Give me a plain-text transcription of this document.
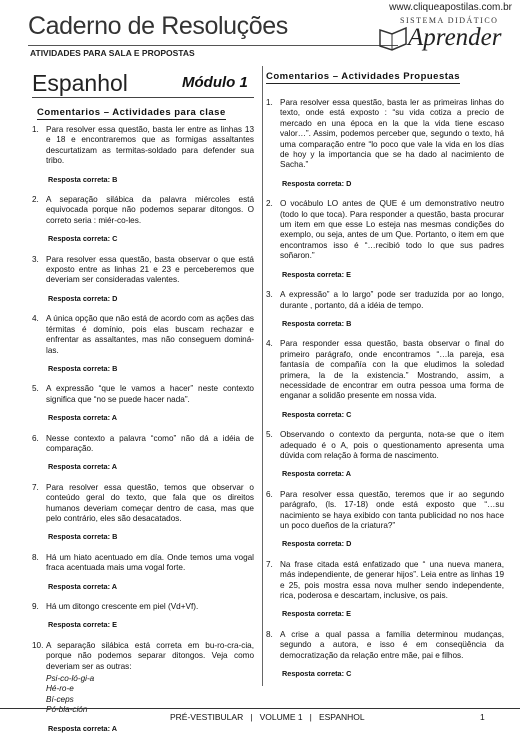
www.cliqueapostilas.com.br
Caderno de Resoluções
ATIVIDADES PARA SALA E PROPOSTAS
SISTEMA DIDÁTICO
Aprender
Espanhol	Módulo 1
Comentarios – Actividades para clase
Comentarios – Actividades Propuestas
1. Para resolver essa questão, basta ler entre as linhas 13 e 18 e encontraremos que as formigas assaltantes descurtatizam as termitas-soldado para defender sua tribo.
Resposta correta: B
2. A separação silábica da palavra miércoles está equivocada porque não podemos separar ditongos. O correto seria : miér-co-les.
Resposta correta: C
3. Para resolver essa questão, basta observar o que está exposto entre as linhas 21 e 23 e perceberemos que deveriam ser consideradas valentes.
Resposta correta: D
4. A única opção que não está de acordo com as ações das térmitas é domínio, pois elas buscam rechazar e enfrentar as assaltantes, mas não conseguem dominá-las.
Resposta correta: B
5. A expressão “que le vamos a hacer” neste contexto significa que “no se puede hacer nada”.
Resposta correta: A
6. Nesse contexto a palavra “como” não dá a idéia de comparação.
Resposta correta: A
7. Para resolver essa questão, temos que observar o conteúdo geral do texto, que fala que os direitos humanos deveriam começar dentro de casa, mas que pelo contrário, eles são desacatados.
Resposta correta: B
8. Há um hiato acentuado em día. Onde temos uma vogal fraca acentuada mais uma vogal forte.
Resposta correta: A
9. Há um ditongo crescente em piel (Vd+Vf).
Resposta correta: E
10. A separação silábica está correta em bu-ro-cra-cia, porque não podemos separar ditongos. Veja como deveriam ser as outras:
Psi-co-ló-gi-a
Hé-ro-e
Bí-ceps
Pó-bla-ción
Resposta correta: A
1. Para resolver essa questão, basta ler as primeiras linhas do texto, onde está exposto : “su vida cotiza a precio de mercado en una época en la que la vida tiene escaso valor…”. Assim, podemos perceber que, segundo o texto, há uma comparação entre “lo poco que vale la vida en los días de hoy y la importancia que se ha dado al nacimiento de Sacha.”
Resposta correta: D
2. O vocábulo LO antes de QUE é um demonstrativo neutro (todo lo que toca). Para responder a questão, basta procurar um item em que esse Lo esteja nas mesmas condições do exemplo, ou seja, antes de um Que. Portanto, o item em que encontramos isso é “…recibió todo lo que sus padres soñaron.”
Resposta correta: E
3. A expressão” a lo largo” pode ser traduzida por ao longo, durante , portanto, dá a idéia de tempo.
Resposta correta: B
4. Para responder essa questão, basta observar o final do primeiro parágrafo, onde encontramos “…la pareja, esa fantasía de compañía con la que eludimos la soledad primera, la de la existencia.” Mostrando, assim, a necessidade de encontrar em outra pessoa uma forma de enganar a solidão presente em nossa vida.
Resposta correta: C
5. Observando o contexto da pergunta, nota-se que o item adequado é o A, pois o questionamento apresenta uma dúvida com relação à forma de nascimento.
Resposta correta: A
6. Para resolver essa questão, teremos que ir ao segundo parágrafo, (ls. 17-18) onde está exposto que “…su nacimiento se haya exibido con tanta publicidad no nos hace un poco dueños de la criatura?”
Resposta correta: D
7. Na frase citada está enfatizado que “ una nueva manera, más independiente, de generar hijos”. Leia entre as linhas 19 e 25, pois mostra essa nova mulher sendo independente, rica, poderosa e descartam, inclusive, os pais.
Resposta correta: E
8. A crise a qual passa a família determinou mudanças, segundo a autora, e isso é em conseqüência da democratização da relação entre mãe, pai e filhos.
Resposta correta: C
PRÉ-VESTIBULAR   |   VOLUME 1   |   ESPANHOL	1
